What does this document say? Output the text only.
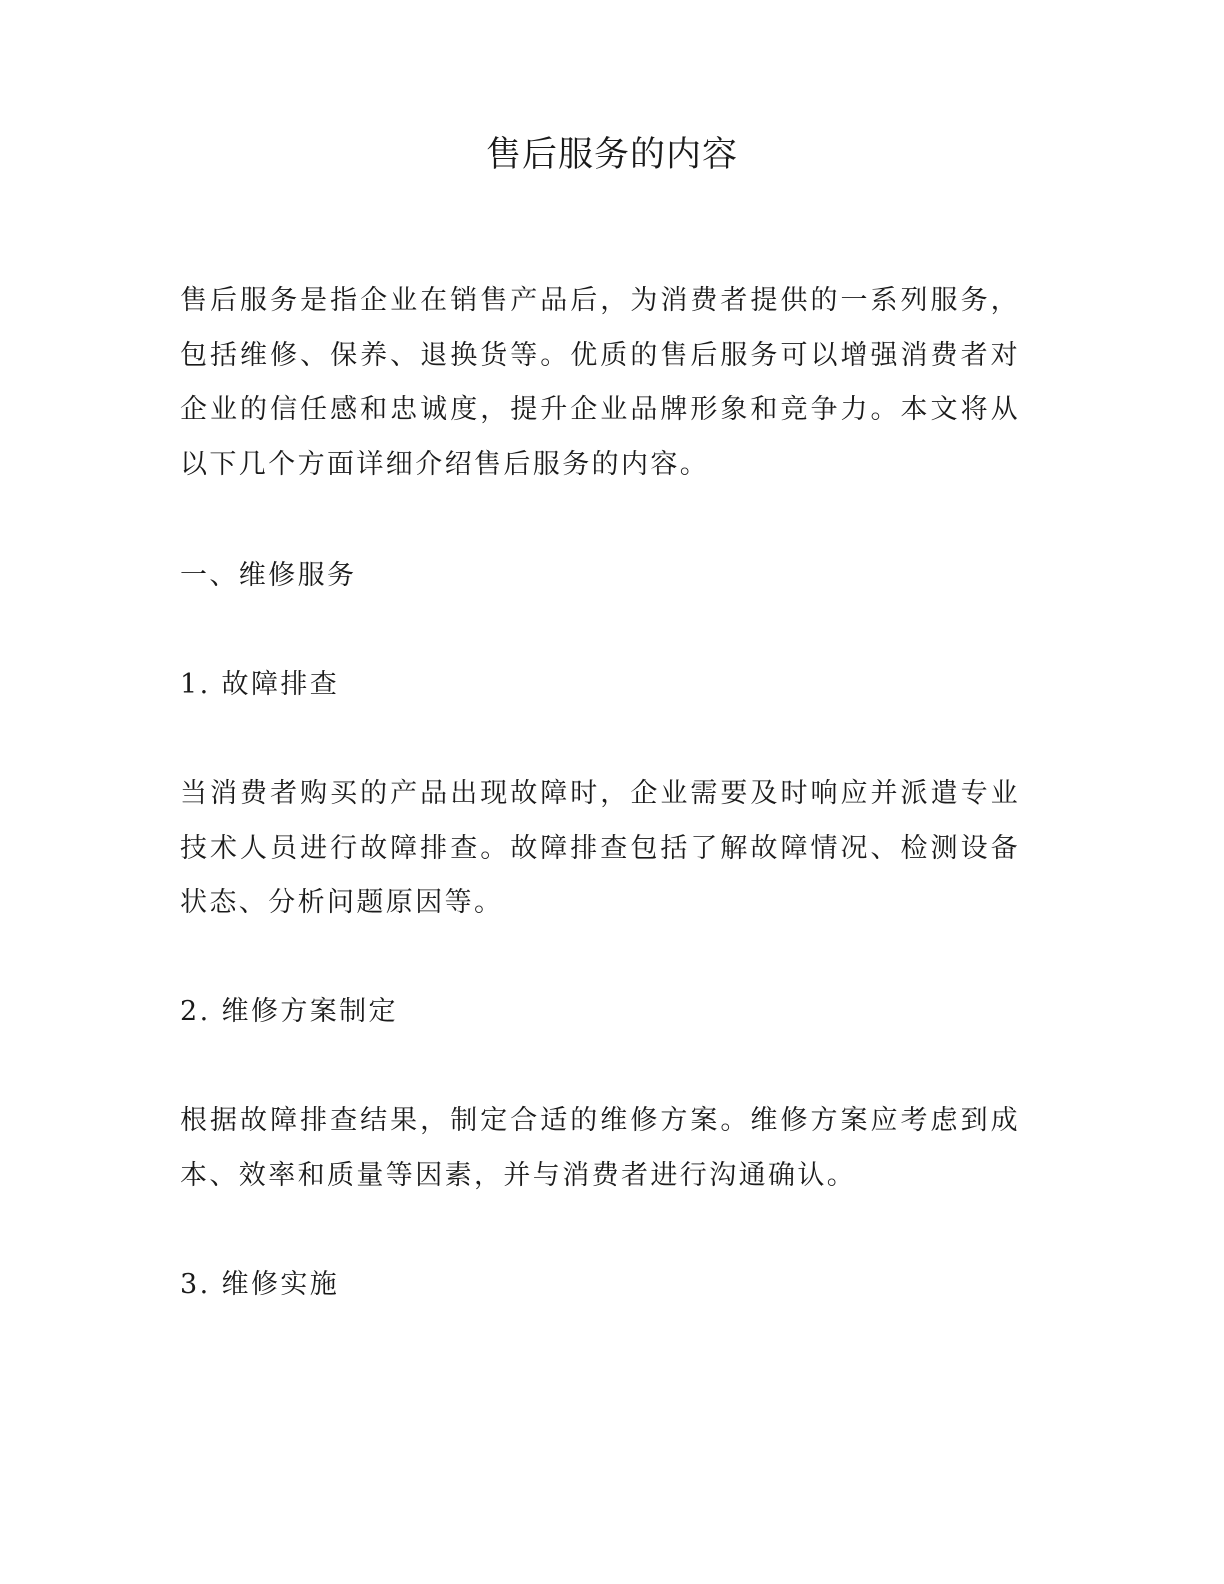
售后服务的内容

售后服务是指企业在销售产品后，为消费者提供的一系列服务，包括维修、保养、退换货等。优质的售后服务可以增强消费者对企业的信任感和忠诚度，提升企业品牌形象和竞争力。本文将从以下几个方面详细介绍售后服务的内容。

一、维修服务
1. 故障排查

当消费者购买的产品出现故障时，企业需要及时响应并派遣专业技术人员进行故障排查。故障排查包括了解故障情况、检测设备状态、分析问题原因等。

2. 维修方案制定

根据故障排查结果，制定合适的维修方案。维修方案应考虑到成本、效率和质量等因素，并与消费者进行沟通确认。

3. 维修实施
